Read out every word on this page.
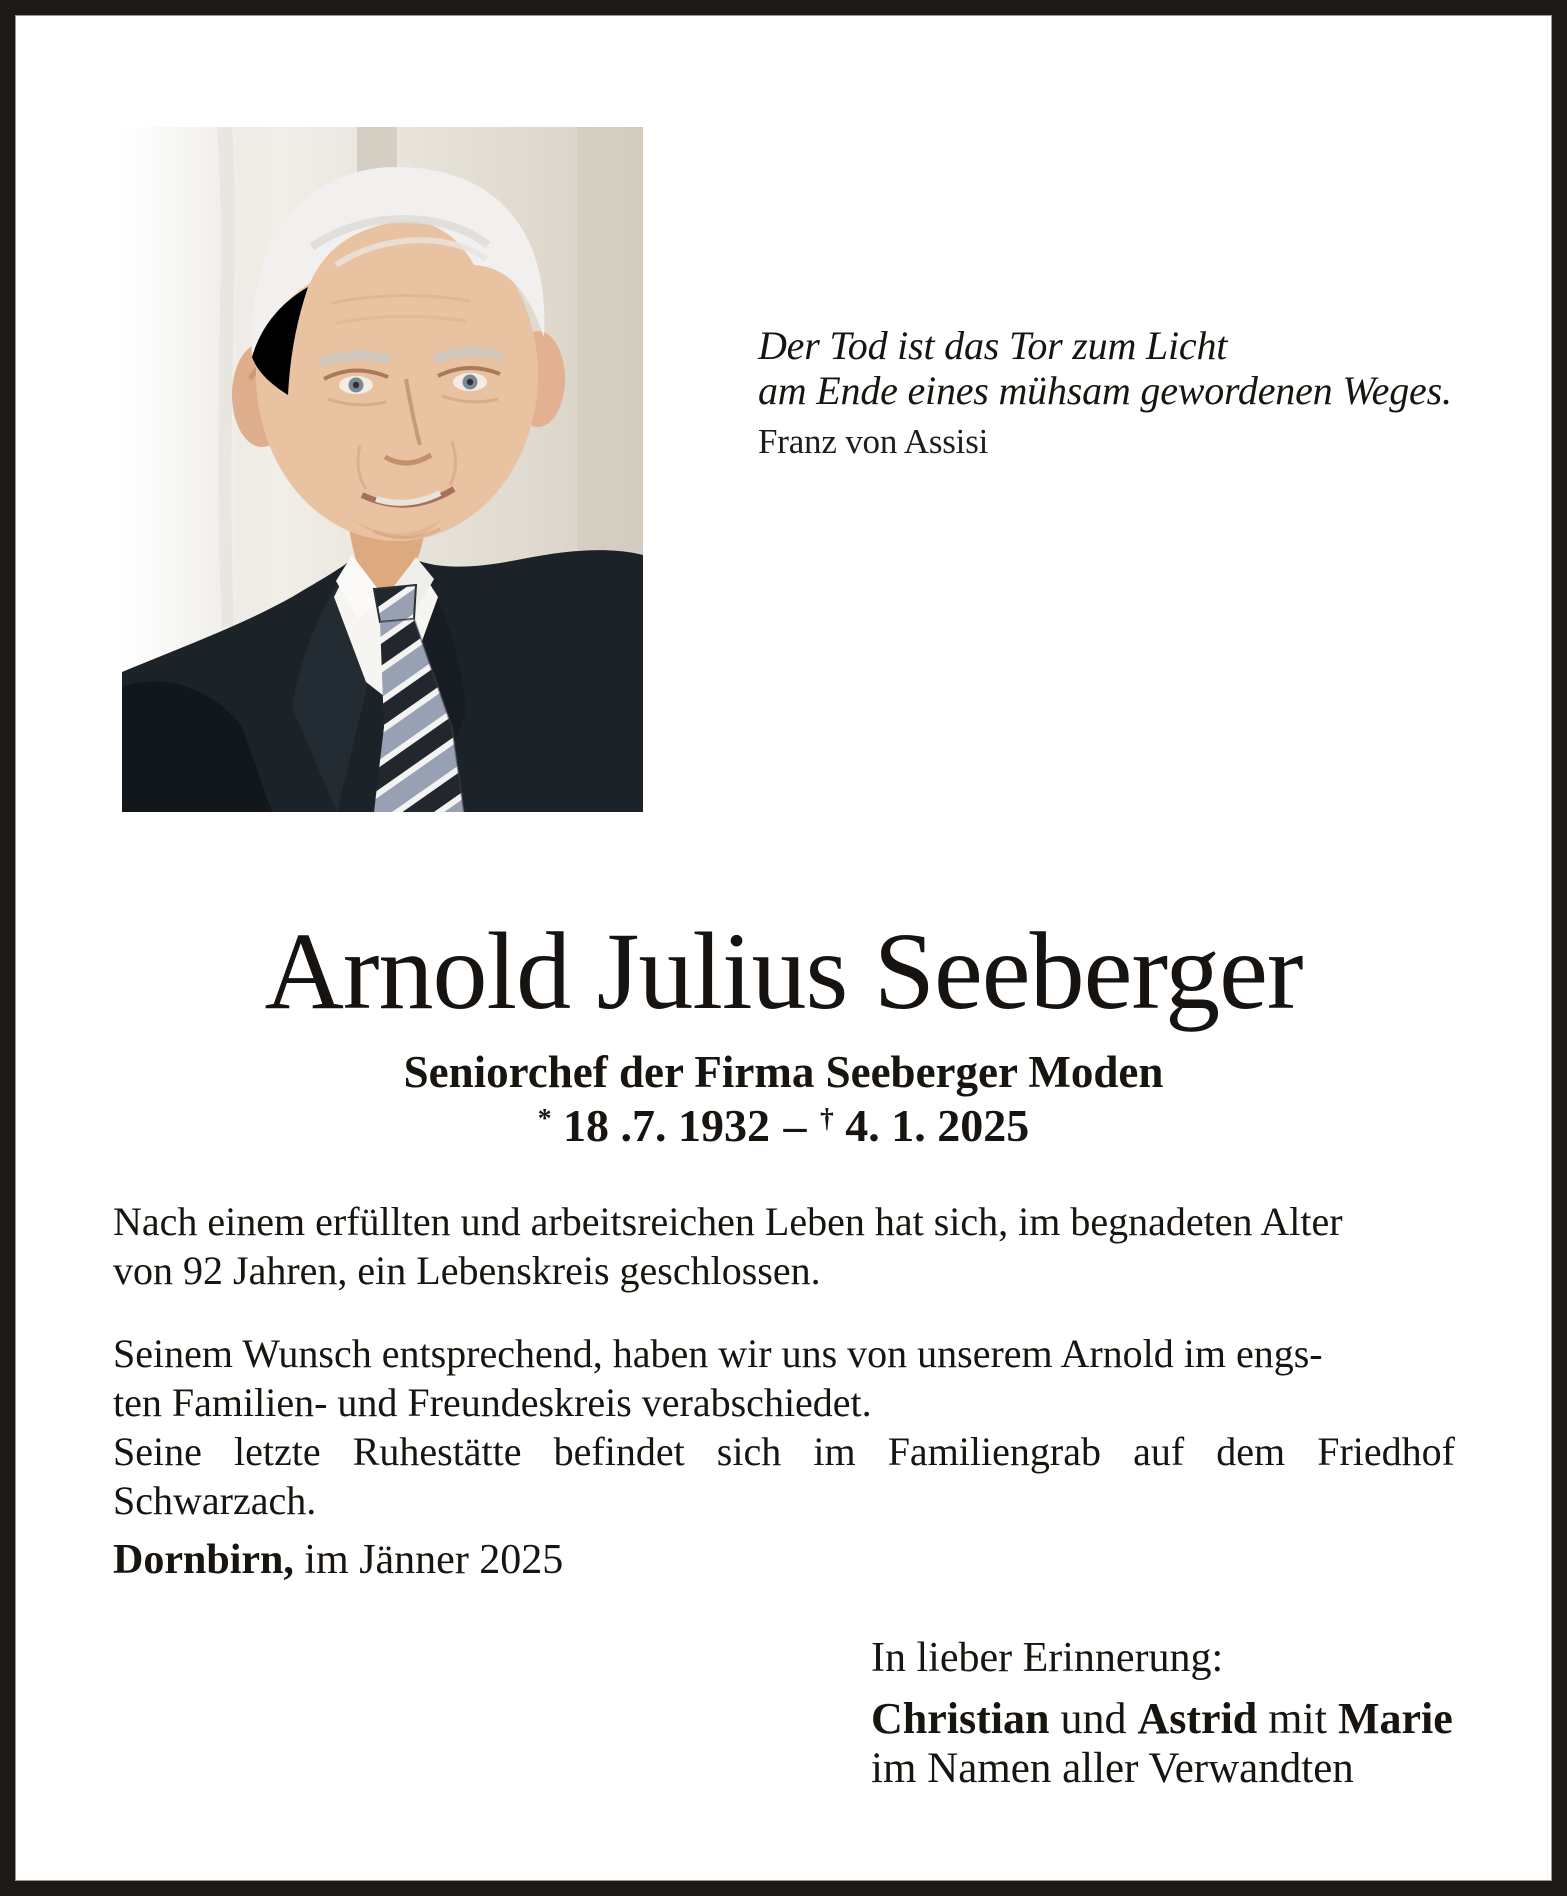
Der Tod ist das Tor zum Licht
am Ende eines mühsam gewordenen Weges.
Franz von Assisi
Arnold Julius Seeberger
Seniorchef der Firma Seeberger Moden
* 18 .7. 1932 – † 4. 1. 2025
Nach einem erfüllten und arbeitsreichen Leben hat sich, im begnadeten Alter
von 92 Jahren, ein Lebenskreis geschlossen.
Seinem Wunsch entsprechend, haben wir uns von unserem Arnold im engs-
ten Familien- und Freundeskreis verabschiedet.
Seine letzte Ruhestätte befindet sich im Familiengrab auf dem Friedhof
Schwarzach.
Dornbirn, im Jänner 2025
In lieber Erinnerung:
Christian und Astrid mit Marie
im Namen aller Verwandten
